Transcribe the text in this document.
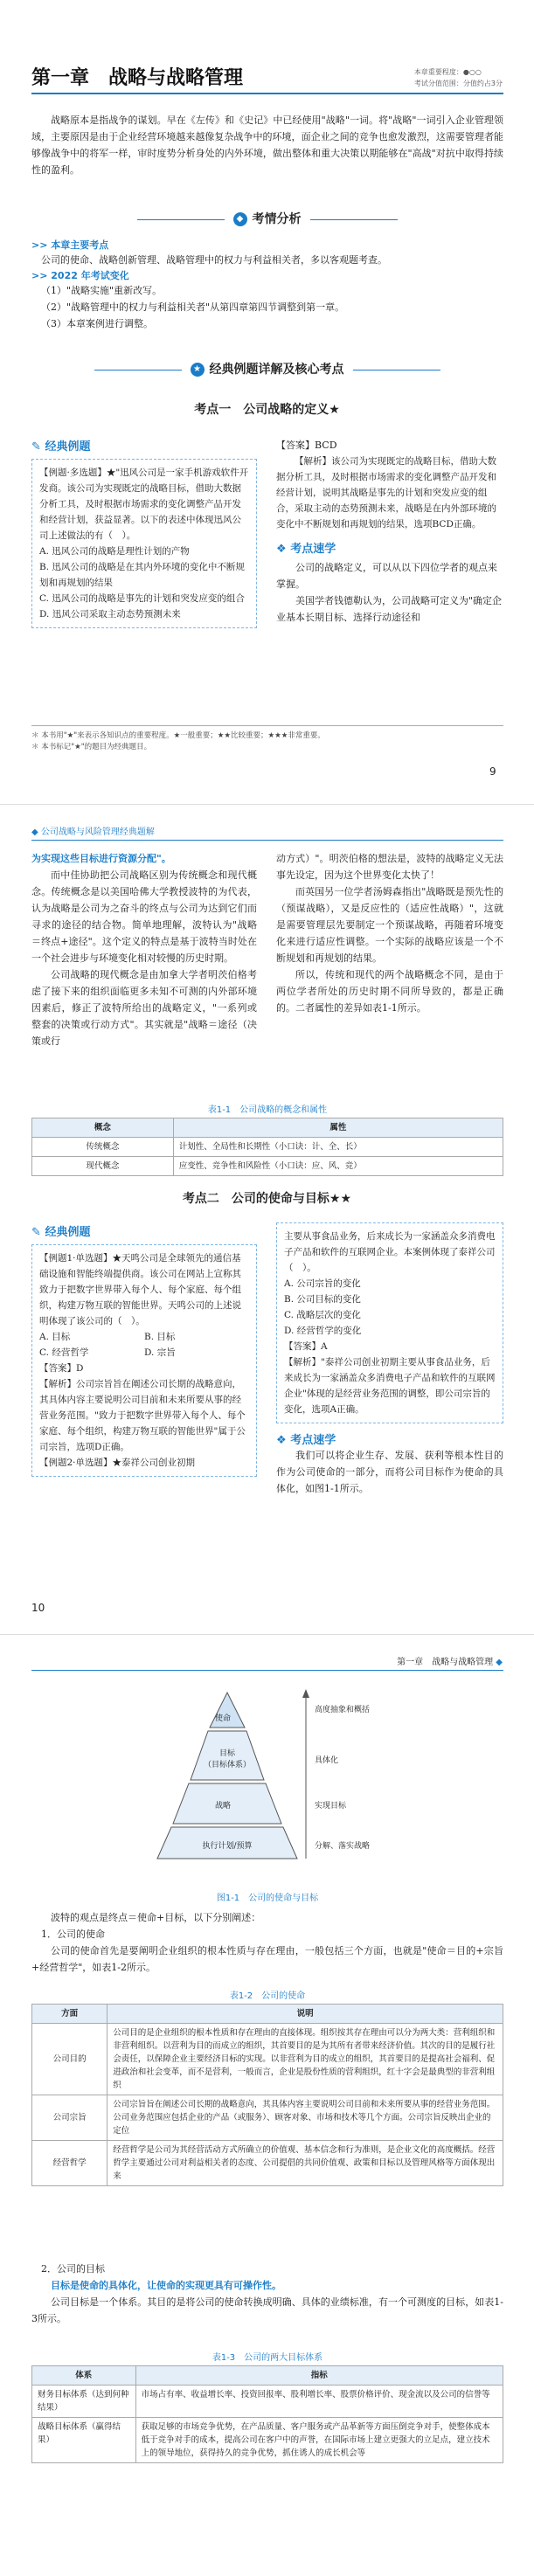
第一章　战略与战略管理	本章重要程度：●○○
考试分值范围：分值约占3分
战略原本是指战争的谋划。早在《左传》和《史记》中已经使用"战略"一词。将"战略"一词引入企业管理领域，主要原因是由于企业经营环境越来越像复杂战争中的环境，面企业之间的竞争也愈发激烈，这需要管理者能够像战争中的将军一样，审时度势分析身处的内外环境，做出整体和重大决策以期能够在"高战"对抗中取得持续性的盈利。
◆ 考情分析
>> 本章主要考点
公司的使命、战略创新管理、战略管理中的权力与利益相关者，多以客观题考查。
>> 2022 年考试变化
（1）"战略实施"重新改写。
（2）"战略管理中的权力与利益相关者"从第四章第四节调整到第一章。
（3）本章案例进行调整。
★ 经典例题详解及核心考点
考点一　公司战略的定义★
✎ 经典例题
【例题·多选题】★"迅风公司是一家手机游戏软件开发商。该公司为实现既定的战略目标，借助大数据分析工具，及时根据市场需求的变化调整产品开发和经营计划，获益显著。以下的表述中体现迅风公司上述做法的有（　）。
A. 迅风公司的战略是理性计划的产物
B. 迅风公司的战略是在其内外环境的变化中不断规划和再规划的结果
C. 迅风公司的战略是事先的计划和突发应变的组合
D. 迅风公司采取主动态势预测未来
【答案】BCD
【解析】该公司为实现既定的战略目标，借助大数据分析工具，及时根据市场需求的变化调整产品开发和经营计划，说明其战略是事先的计划和突发应变的组合，采取主动的态势预测未来，战略是在内外部环境的变化中不断规划和再规划的结果，选项BCD正确。
❖ 考点速学
公司的战略定义，可以从以下四位学者的观点来掌握。
美国学者钱德勒认为，公司战略可定义为"确定企业基本长期目标、选择行动途径和
＊ 本书用"★"来表示各知识点的重要程度。★一般重要；★★比较重要；★★★非常重要。
＊ 本书标记"★"的题目为经典题目。
9
◆ 公司战略与风险管理经典题解
为实现这些目标进行资源分配"。
而中佳协助把公司战略区别为传统概念和现代概念。传统概念是以美国哈佛大学教授波特的为代表，认为战略是公司为之奋斗的终点与公司为达到它们而寻求的途径的结合物。简单地理解，波特认为"战略＝终点+途径"。这个定义的特点是基于波特当时处在一个社会进步与环境变化相对较慢的历史时期。
公司战略的现代概念是由加拿大学者明茨伯格考虑了接下来的组织面临更多未知不可测的内外部环境因素后，修正了波特所给出的战略定义，"一系列或整套的决策或行动方式"。其实就是"战略＝途径（决策或行
动方式）"。明茨伯格的想法是，波特的战略定义无法事先设定，因为这个世界变化太快了！
而英国另一位学者汤姆森指出"战略既是预先性的（预谋战略），又是反应性的（适应性战略）"，这就是需要管理层先要制定一个预谋战略，再随着环境变化来进行适应性调整。一个实际的战略应该是一个不断规划和再规划的结果。
所以，传统和现代的两个战略概念不同，是由于两位学者所处的历史时期不同所导致的，都是正确的。二者属性的差异如表1-1所示。
表1-1　公司战略的概念和属性
概念	属性
传统概念	计划性、全局性和长期性（小口诀：计、全、长）
现代概念	应变性、竞争性和风险性（小口诀：应、风、竞）
考点二　公司的使命与目标★★
✎ 经典例题
【例题1·单选题】★天鸣公司是全球领先的通信基础设施和智能终端提供商。该公司在网站上宣称其致力于把数字世界带入每个人、每个家庭、每个组织，构建万物互联的智能世界。天鸣公司的上述说明体现了该公司的（　）。
A. 目标	B. 目标
C. 经营哲学	D. 宗旨
【答案】D
【解析】公司宗旨旨在阐述公司长期的战略意向，其具体内容主要说明公司目前和未来所要从事的经营业务范围。"致力于把数字世界带入每个人、每个家庭、每个组织，构建万物互联的智能世界"属于公司宗旨，选项D正确。
【例题2·单选题】★泰祥公司创业初期
主要从事食品业务，后来成长为一家涵盖众多消费电子产品和软件的互联网企业。本案例体现了泰祥公司（　）。
A. 公司宗旨的变化
B. 公司目标的变化
C. 战略层次的变化
D. 经营哲学的变化
【答案】A
【解析】"泰祥公司创业初期主要从事食品业务，后来成长为一家涵盖众多消费电子产品和软件的互联网企业"体现的是经营业务范围的调整，即公司宗旨的变化，选项A正确。
❖ 考点速学
我们可以将企业生存、发展、获利等根本性目的作为公司使命的一部分，而将公司目标作为使命的具体化，如图1-1所示。
10
第一章　战略与战略管理 ◆
使命
目标
（目标体系）
战略
执行计划/预算
高度抽象和概括
具体化
实现目标
分解、落实战略
图1-1　公司的使命与目标
波特的观点是终点＝使命+目标，以下分别阐述：
1．公司的使命
公司的使命首先是要阐明企业组织的根本性质与存在理由，一般包括三个方面，也就是"使命＝目的+宗旨+经营哲学"，如表1-2所示。
表1-2　公司的使命
方面	说明
公司目的	公司目的是企业组织的根本性质和存在理由的直接体现。组织按其存在理由可以分为两大类：营利组织和非营利组织。以营利为目的而成立的组织，其首要目的是为其所有者带来经济价值。其次的目的是履行社会责任，以保障企业主要经济目标的实现。以非营利为目的成立的组织，其首要目的是提高社会福利、促进政治和社会变革，而不是营利，一般而言，企业是股份性质的营利组织，红十字会是最典型的非营利组织
公司宗旨	公司宗旨旨在阐述公司长期的战略意向，其具体内容主要说明公司目前和未来所要从事的经营业务范围。公司业务范围应包括企业的产品（或服务）、顾客对象、市场和技术等几个方面。公司宗旨反映出企业的定位
经营哲学	经营哲学是公司为其经营活动方式所确立的价值观、基本信念和行为准则，是企业文化的高度概括。经营哲学主要通过公司对利益相关者的态度、公司提倡的共同价值观、政策和目标以及管理风格等方面体现出来
2．公司的目标
目标是使命的具体化，让使命的实现更具有可操作性。
公司目标是一个体系。其目的是将公司的使命转换成明确、具体的业绩标准，有一个可测度的目标，如表1-3所示。
表1-3　公司的两大目标体系
体系	指标
财务目标体系（达到何种结果）	市场占有率、收益增长率、投资回报率、股利增长率、股票价格评价、现金流以及公司的信誉等
战略目标体系（赢得结果）	获取足够的市场竞争优势，在产品质量、客户服务或产品革新等方面压倒竞争对手，使整体成本低于竞争对手的成本，提高公司在客户中的声誉，在国际市场上建立更强大的立足点，建立技术上的领导地位，获得持久的竞争优势，抓住诱人的成长机会等
